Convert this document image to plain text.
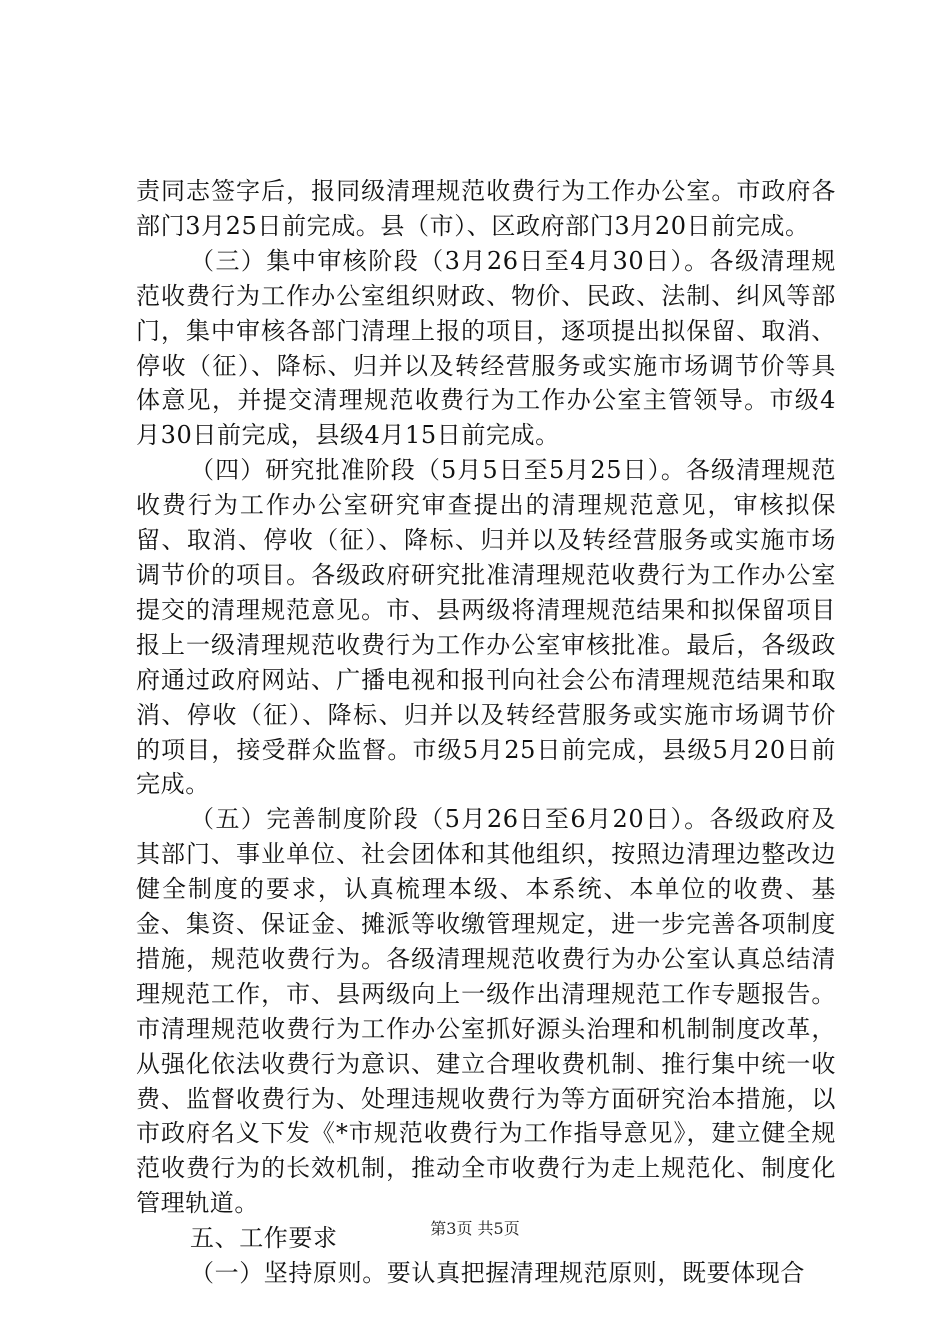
责同志签字后，报同级清理规范收费行为工作办公室。市政府各部门3月25日前完成。县（市）、区政府部门3月20日前完成。

（三）集中审核阶段（3月26日至4月30日）。各级清理规范收费行为工作办公室组织财政、物价、民政、法制、纠风等部门，集中审核各部门清理上报的项目，逐项提出拟保留、取消、停收（征）、降标、归并以及转经营服务或实施市场调节价等具体意见，并提交清理规范收费行为工作办公室主管领导。市级4月30日前完成，县级4月15日前完成。

（四）研究批准阶段（5月5日至5月25日）。各级清理规范收费行为工作办公室研究审查提出的清理规范意见，审核拟保留、取消、停收（征）、降标、归并以及转经营服务或实施市场调节价的项目。各级政府研究批准清理规范收费行为工作办公室提交的清理规范意见。市、县两级将清理规范结果和拟保留项目报上一级清理规范收费行为工作办公室审核批准。最后，各级政府通过政府网站、广播电视和报刊向社会公布清理规范结果和取消、停收（征）、降标、归并以及转经营服务或实施市场调节价的项目，接受群众监督。市级5月25日前完成，县级5月20日前完成。

（五）完善制度阶段（5月26日至6月20日）。各级政府及其部门、事业单位、社会团体和其他组织，按照边清理边整改边健全制度的要求，认真梳理本级、本系统、本单位的收费、基金、集资、保证金、摊派等收缴管理规定，进一步完善各项制度措施，规范收费行为。各级清理规范收费行为办公室认真总结清理规范工作，市、县两级向上一级作出清理规范工作专题报告。市清理规范收费行为工作办公室抓好源头治理和机制制度改革，从强化依法收费行为意识、建立合理收费机制、推行集中统一收费、监督收费行为、处理违规收费行为等方面研究治本措施，以市政府名义下发《*市规范收费行为工作指导意见》，建立健全规范收费行为的长效机制，推动全市收费行为走上规范化、制度化管理轨道。

五、工作要求

（一）坚持原则。要认真把握清理规范原则，既要体现合

第3页 共5页
